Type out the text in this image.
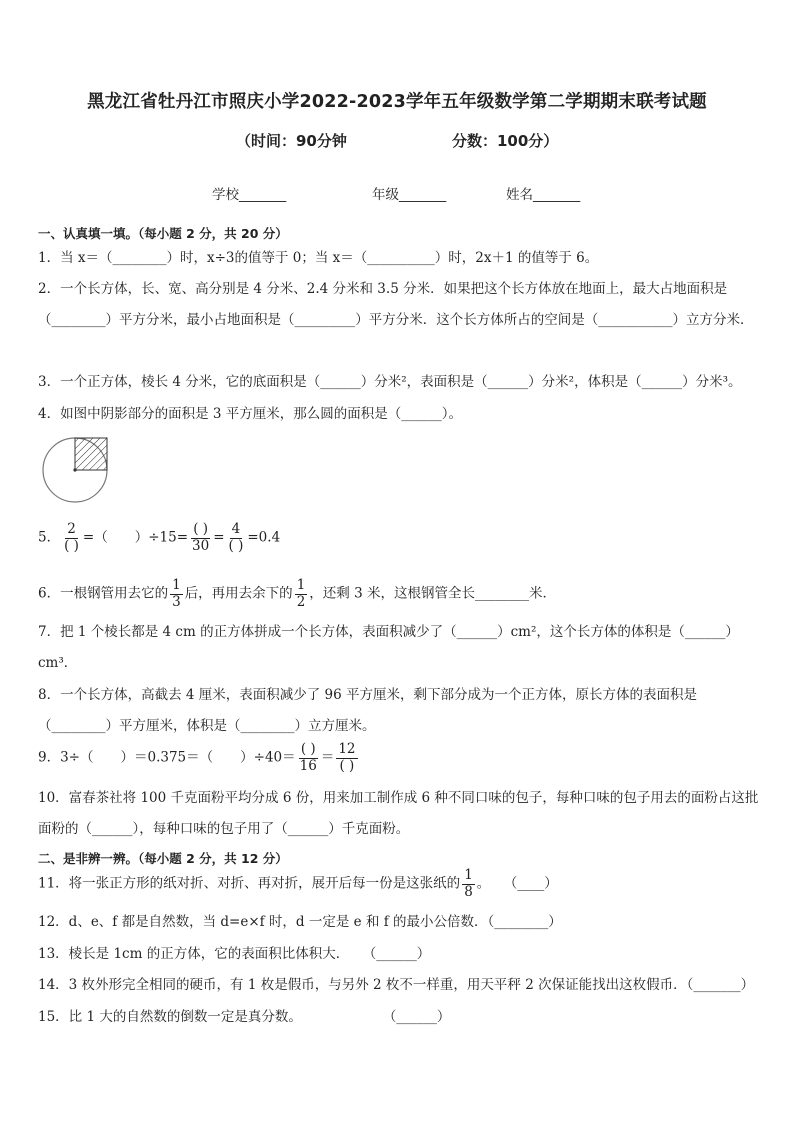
黑龙江省牡丹江市照庆小学2022-2023学年五年级数学第二学期期末联考试题
（时间：90分钟	分数：100分）
学校_______	年级_______	姓名_______
一、认真填一填。（每小题 2 分，共 20 分）
1．当 x＝（________）时，x÷3的值等于 0；当 x＝（__________）时，2x＋1 的值等于 6。
2．一个长方体，长、宽、高分别是 4 分米、2.4 分米和 3.5 分米．如果把这个长方体放在地面上，最大占地面积是（________）平方分米，最小占地面积是（_________）平方分米．这个长方体所占的空间是（___________）立方分米．
3．一个正方体，棱长 4 分米，它的底面积是（______）分米²，表面积是（______）分米²，体积是（______）分米³。
4．如图中阴影部分的面积是 3 平方厘米，那么圆的面积是（______）。
5． $\frac{2}{( )}$ =（　　）$\div 15= \frac{( )}{30} = \frac{4}{( )} =0.4$
6．一根钢管用去它的 $\frac{1}{3}$ 后，再用去余下的 $\frac{1}{2}$ ，还剩 3 米，这根钢管全长________米．
7．把 1 个棱长都是 4 cm 的正方体拼成一个长方体，表面积减少了（______）cm²，这个长方体的体积是（______）cm³．
8．一个长方体，高截去 4 厘米，表面积减少了 96 平方厘米，剩下部分成为一个正方体，原长方体的表面积是（________）平方厘米，体积是（________）立方厘米。
9．3÷（　　）＝0.375＝（　　）$\div 40= \frac{( )}{16} = \frac{12}{( )}$
10．富春茶社将 100 千克面粉平均分成 6 份，用来加工制作成 6 种不同口味的包子，每种口味的包子用去的面粉占这批面粉的（______），每种口味的包子用了（______）千克面粉。
二、是非辨一辨。（每小题 2 分，共 12 分）
11．将一张正方形的纸对折、对折、再对折，展开后每一份是这张纸的 $\frac{1}{8}$ 。　　（____）
12．d、e、f 都是自然数，当 d=e×f 时，d 一定是 e 和 f 的最小公倍数．（________）
13．棱长是 1cm 的正方体，它的表面积比体积大．　　（______）
14．3 枚外形完全相同的硬币，有 1 枚是假币，与另外 2 枚不一样重，用天平秤 2 次保证能找出这枚假币．（_______）
15．比 1 大的自然数的倒数一定是真分数。　　　　　　　（______）
